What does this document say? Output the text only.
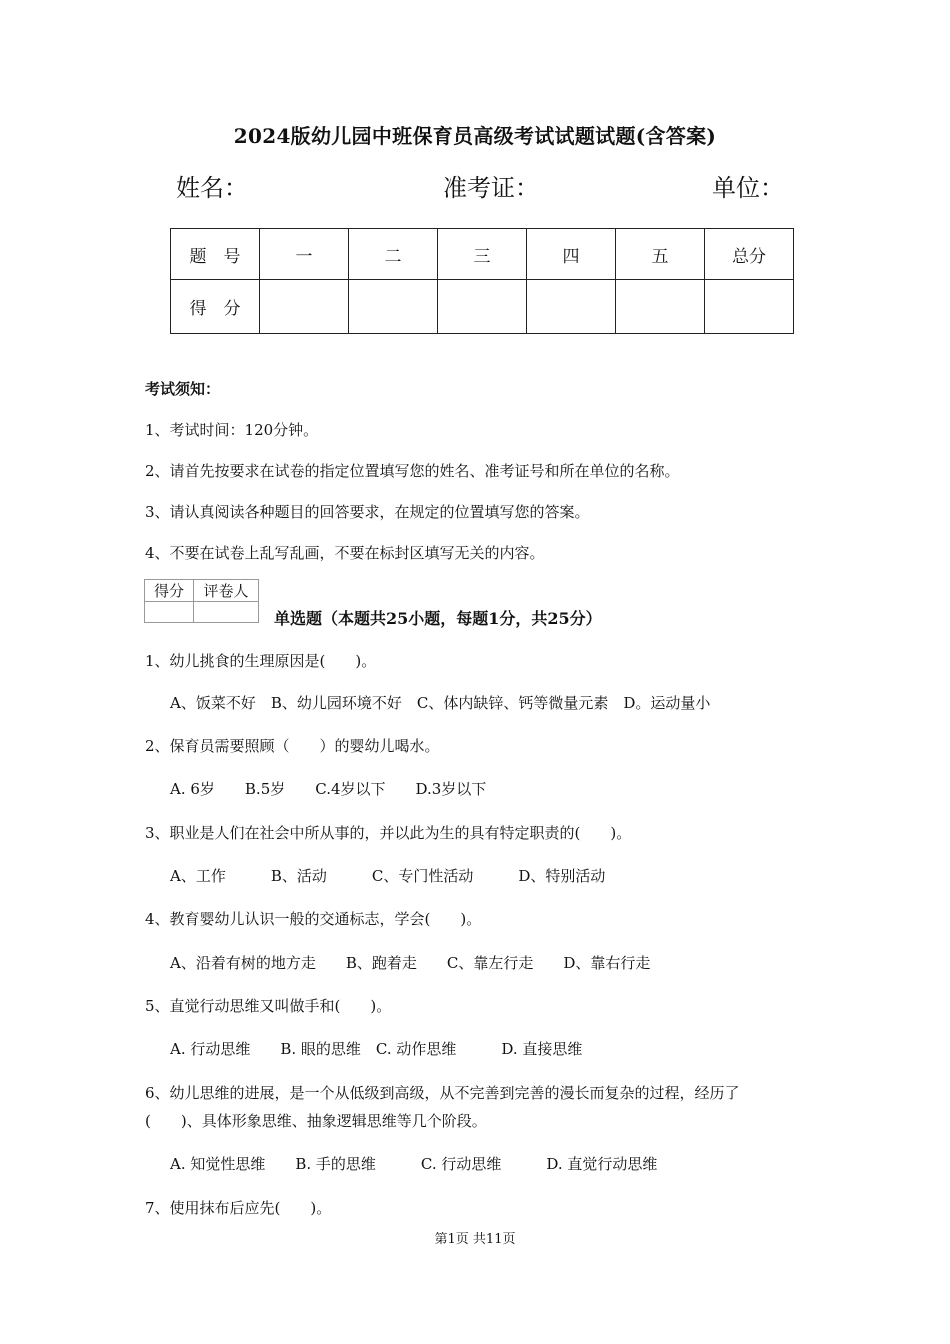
2024版幼儿园中班保育员高级考试试题试题(含答案)
姓名：	准考证：	单位：
题　号	一	二	三	四	五	总分
得　分						
考试须知：
1、考试时间：120分钟。
2、请首先按要求在试卷的指定位置填写您的姓名、准考证号和所在单位的名称。
3、请认真阅读各种题目的回答要求，在规定的位置填写您的答案。
4、不要在试卷上乱写乱画，不要在标封区填写无关的内容。
得分	评卷人

单选题（本题共25小题，每题1分，共25分）
1、幼儿挑食的生理原因是(　　)。
A、饭菜不好　B、幼儿园环境不好　C、体内缺锌、钙等微量元素　D。运动量小
2、保育员需要照顾（　　）的婴幼儿喝水。
A. 6岁　　B.5岁　　C.4岁以下　　D.3岁以下
3、职业是人们在社会中所从事的，并以此为生的具有特定职责的(　　)。
A、工作　　　B、活动　　　C、专门性活动　　　D、特别活动
4、教育婴幼儿认识一般的交通标志，学会(　　)。
A、沿着有树的地方走　　B、跑着走　　C、靠左行走　　D、靠右行走
5、直觉行动思维又叫做手和(　　)。
A. 行动思维　　B. 眼的思维　C. 动作思维　　　D. 直接思维
6、幼儿思维的进展，是一个从低级到高级，从不完善到完善的漫长而复杂的过程，经历了
(　　)、具体形象思维、抽象逻辑思维等几个阶段。
A. 知觉性思维　　B. 手的思维　　　C. 行动思维　　　D. 直觉行动思维
7、使用抹布后应先(　　)。
第1页 共11页
